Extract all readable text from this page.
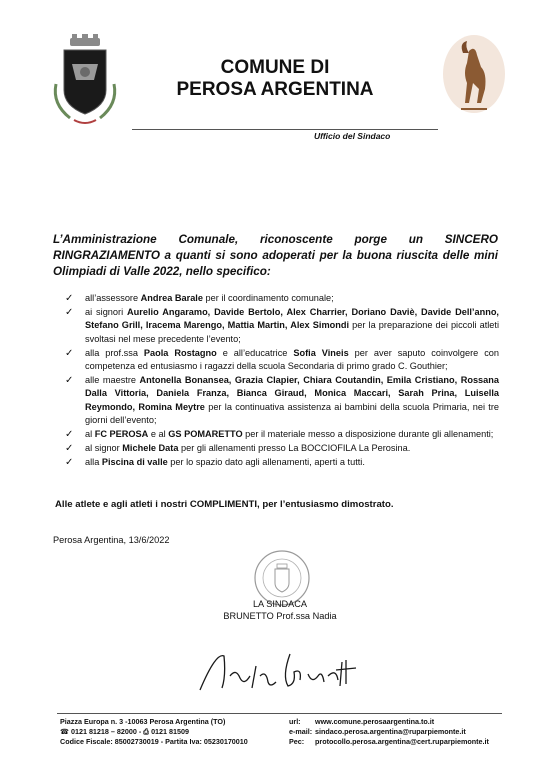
COMUNE DI
PEROSA ARGENTINA
Ufficio del Sindaco
L’Amministrazione Comunale, riconoscente porge un SINCERO RINGRAZIAMENTO a quanti si sono adoperati per la buona riuscita delle mini Olimpiadi di Valle 2022, nello specifico:
✓ all’assessore Andrea Barale per il coordinamento comunale;
✓ ai signori Aurelio Angaramo, Davide Bertolo, Alex Charrier, Doriano Daviè, Davide Dell’anno, Stefano Grill, Iracema Marengo, Mattia Martin, Alex Simondi per la preparazione dei piccoli atleti svoltasi nel mese precedente l’evento;
✓ alla prof.ssa Paola Rostagno e all’educatrice Sofia Vineis per aver saputo coinvolgere con competenza ed entusiasmo i ragazzi della scuola Secondaria di primo grado C. Gouthier;
✓ alle maestre Antonella Bonansea, Grazia Clapier, Chiara Coutandin, Emila Cristiano, Rossana Dalla Vittoria, Daniela Franza, Bianca Giraud, Monica Maccari, Sarah Prina, Luisella Reymondo, Romina Meytre per la continuativa assistenza ai bambini della scuola Primaria, nei tre giorni dell’evento;
✓ al FC PEROSA e al GS POMARETTO per il materiale messo a disposizione durante gli allenamenti;
✓ al signor Michele Data per gli allenamenti presso La BOCCIOFILA La Perosina.
✓ alla Piscina di valle per lo spazio dato agli allenamenti, aperti a tutti.
Alle atlete e agli atleti i nostri COMPLIMENTI, per l’entusiasmo dimostrato.
Perosa Argentina, 13/6/2022
LA SINDACA
BRUNETTO Prof.ssa Nadia
Piazza Europa n. 3 -10063 Perosa Argentina (TO)
☎ 0121 81218 – 82000 - ⎙ 0121 81509
Codice Fiscale: 85002730019 - Partita Iva: 05230170010
url: www.comune.perosaargentina.to.it
e-mail: sindaco.perosa.argentina@ruparpiemonte.it
Pec: protocollo.perosa.argentina@cert.ruparpiemonte.it
